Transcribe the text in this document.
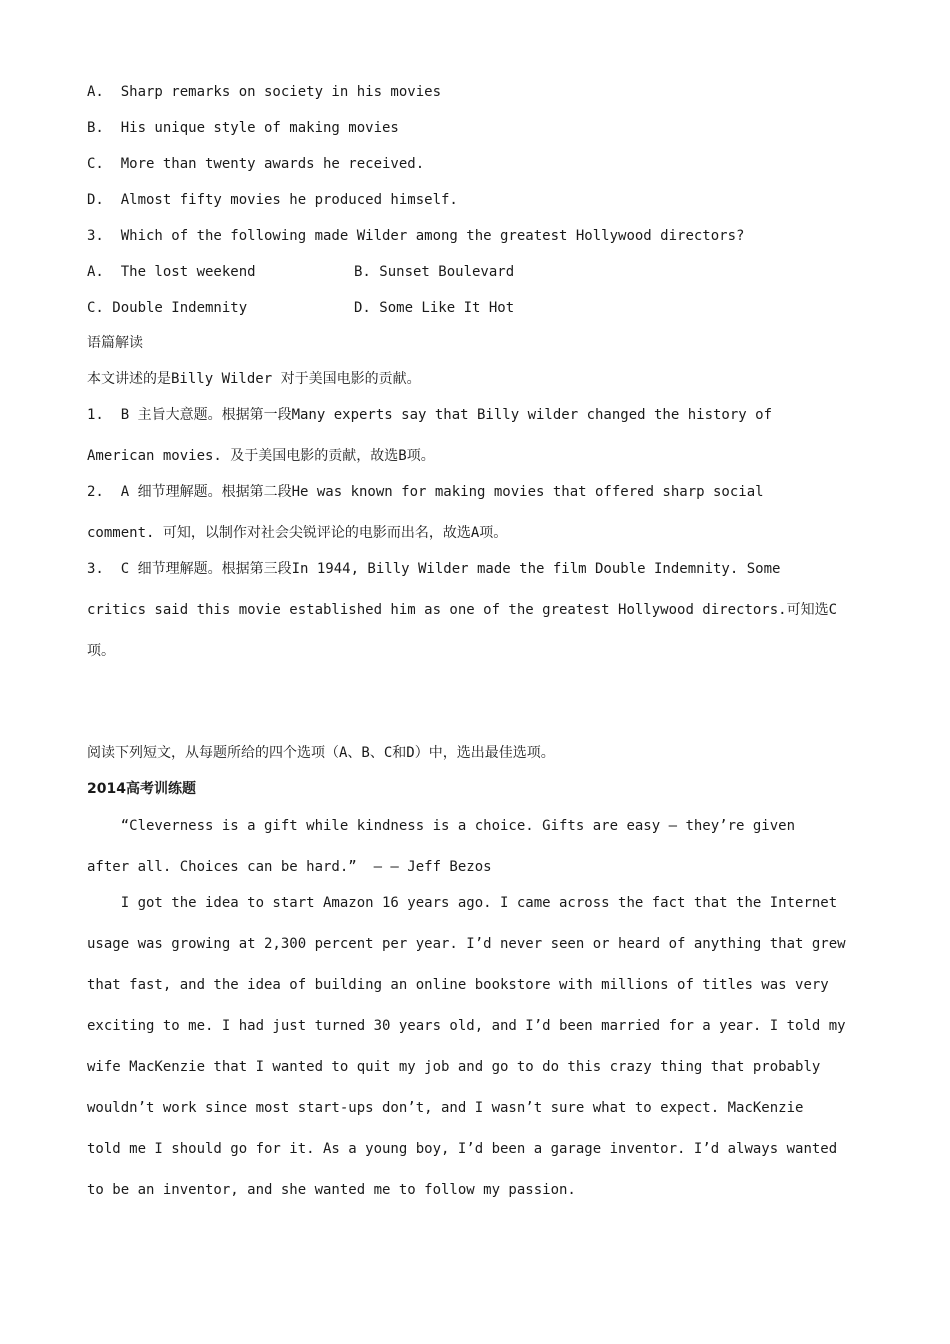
A.  Sharp remarks on society in his movies
B.  His unique style of making movies
C.  More than twenty awards he received.
D.  Almost fifty movies he produced himself.
3.  Which of the following made Wilder among the greatest Hollywood directors?
A.  The lost weekend	B. Sunset Boulevard
C. Double Indemnity	D. Some Like It Hot
语篇解读
本文讲述的是Billy Wilder 对于美国电影的贡献。
1.  B 主旨大意题。根据第一段Many experts say that Billy wilder changed the history of
American movies. 及于美国电影的贡献，故选B项。
2.  A 细节理解题。根据第二段He was known for making movies that offered sharp social
comment. 可知，以制作对社会尖锐评论的电影而出名，故选A项。
3.  C 细节理解题。根据第三段In 1944, Billy Wilder made the film Double Indemnity. Some
critics said this movie established him as one of the greatest Hollywood directors.可知选C
项。
阅读下列短文，从每题所给的四个选项（A、B、C和D）中，选出最佳选项。
2014高考训练题
“Cleverness is a gift while kindness is a choice. Gifts are easy – they’re given
after all. Choices can be hard.”  – – Jeff Bezos
I got the idea to start Amazon 16 years ago. I came across the fact that the Internet
usage was growing at 2,300 percent per year. I’d never seen or heard of anything that grew
that fast, and the idea of building an online bookstore with millions of titles was very
exciting to me. I had just turned 30 years old, and I’d been married for a year. I told my
wife MacKenzie that I wanted to quit my job and go to do this crazy thing that probably
wouldn’t work since most start-ups don’t, and I wasn’t sure what to expect. MacKenzie
told me I should go for it. As a young boy, I’d been a garage inventor. I’d always wanted
to be an inventor, and she wanted me to follow my passion.
